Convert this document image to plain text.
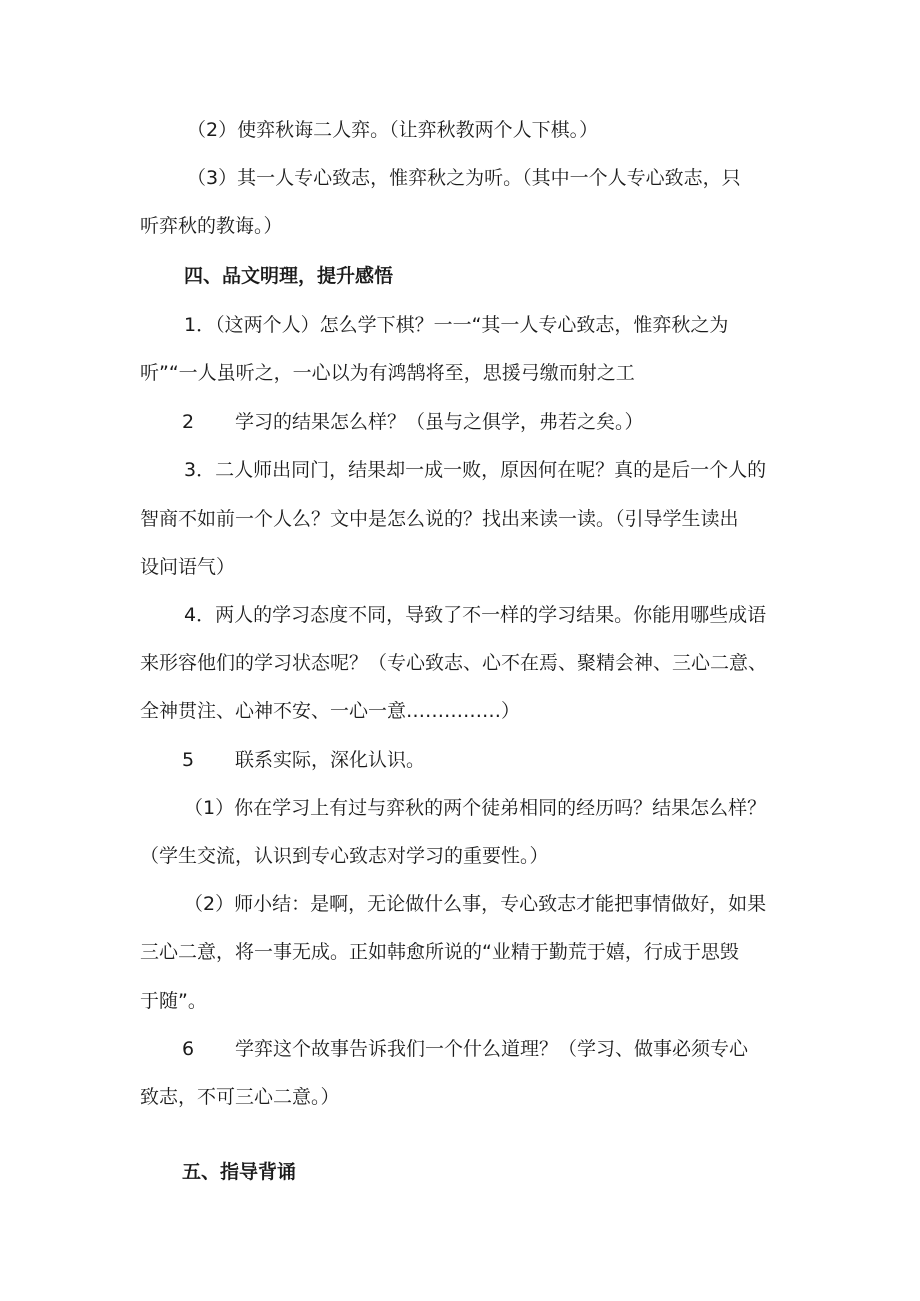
（2）使弈秋诲二人弈。（让弈秋教两个人下棋。）
（3）其一人专心致志，惟弈秋之为听。（其中一个人专心致志，只
听弈秋的教诲。）
四、品文明理，提升感悟
1．（这两个人）怎么学下棋？一一“其一人专心致志，惟弈秋之为
听”“一人虽听之，一心以为有鸿鹄将至，思援弓缴而射之工
2 学习的结果怎么样？（虽与之俱学，弗若之矣。）
3．二人师出同门，结果却一成一败，原因何在呢？真的是后一个人的
智商不如前一个人么？文中是怎么说的？找出来读一读。（引导学生读出
设问语气）
4．两人的学习态度不同，导致了不一样的学习结果。你能用哪些成语
来形容他们的学习状态呢？（专心致志、心不在焉、聚精会神、三心二意、
全神贯注、心神不安、一心一意……………）
5 联系实际，深化认识。
（1）你在学习上有过与弈秋的两个徒弟相同的经历吗？结果怎么样？
（学生交流，认识到专心致志对学习的重要性。）
（2）师小结：是啊，无论做什么事，专心致志才能把事情做好，如果
三心二意，将一事无成。正如韩愈所说的“业精于勤荒于嬉，行成于思毁
于随”。
6 学弈这个故事告诉我们一个什么道理？（学习、做事必须专心
致志，不可三心二意。）
五、指导背诵
